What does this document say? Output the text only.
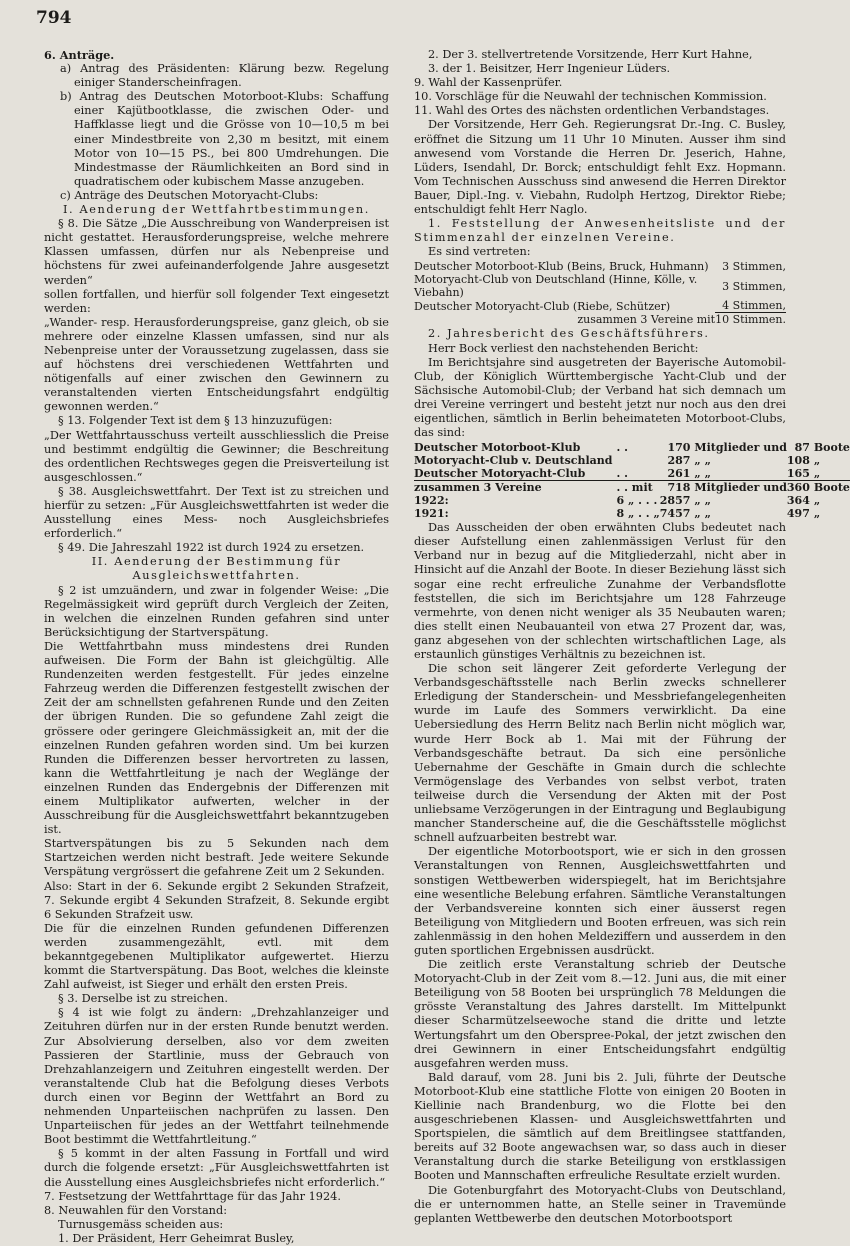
794

6. Anträge.

a) Antrag des Präsidenten: Klärung bezw. Regelung einiger Standerscheinfragen.

b) Antrag des Deutschen Motorboot-Klubs: Schaffung einer Kajütbootklasse, die zwischen Oder- und Haffklasse liegt und die Grösse von 10—10,5 m bei einer Mindestbreite von 2,30 m besitzt, mit einem Motor von 10—15 PS., bei 800 Umdrehungen. Die Mindestmasse der Räumlichkeiten an Bord sind in quadratischem oder kubischem Masse anzugeben.

c) Anträge des Deutschen Motoryacht-Clubs:

I. Aenderung der Wettfahrtbestimmungen.

§ 8. Die Sätze „Die Ausschreibung von Wanderpreisen ist nicht gestattet. Herausforderungspreise, welche mehrere Klassen umfassen, dürfen nur als Nebenpreise und höchstens für zwei aufeinanderfolgende Jahre ausgesetzt werden“

sollen fortfallen, und hierfür soll folgender Text eingesetzt werden:

„Wander- resp. Herausforderungspreise, ganz gleich, ob sie mehrere oder einzelne Klassen umfassen, sind nur als Nebenpreise unter der Voraussetzung zugelassen, dass sie auf höchstens drei verschiedenen Wettfahrten und nötigenfalls auf einer zwischen den Gewinnern zu veranstaltenden vierten Entscheidungsfahrt endgültig gewonnen werden.“

§ 13. Folgender Text ist dem § 13 hinzuzufügen:

„Der Wettfahrtausschuss verteilt ausschliesslich die Preise und bestimmt endgültig die Gewinner; die Beschreitung des ordentlichen Rechtsweges gegen die Preisverteilung ist ausgeschlossen.“

§ 38. Ausgleichswettfahrt. Der Text ist zu streichen und hierfür zu setzen: „Für Ausgleichswettfahrten ist weder die Ausstellung eines Mess- noch Ausgleichsbriefes erforderlich.“

§ 49. Die Jahreszahl 1922 ist durch 1924 zu ersetzen.

II. Aenderung der Bestimmung für Ausgleichswettfahrten.

§ 2 ist umzuändern, und zwar in folgender Weise: „Die Regelmässigkeit wird geprüft durch Vergleich der Zeiten, in welchen die einzelnen Runden gefahren sind unter Berücksichtigung der Startverspätung.

Die Wettfahrtbahn muss mindestens drei Runden aufweisen. Die Form der Bahn ist gleichgültig. Alle Rundenzeiten werden festgestellt. Für jedes einzelne Fahrzeug werden die Differenzen festgestellt zwischen der Zeit der am schnellsten gefahrenen Runde und den Zeiten der übrigen Runden. Die so gefundene Zahl zeigt die grössere oder geringere Gleichmässigkeit an, mit der die einzelnen Runden gefahren worden sind. Um bei kurzen Runden die Differenzen besser hervortreten zu lassen, kann die Wettfahrtleitung je nach der Weglänge der einzelnen Runden das Endergebnis der Differenzen mit einem Multiplikator aufwerten, welcher in der Ausschreibung für die Ausgleichswettfahrt bekanntzugeben ist.

Startverspätungen bis zu 5 Sekunden nach dem Startzeichen werden nicht bestraft. Jede weitere Sekunde Verspätung vergrössert die gefahrene Zeit um 2 Sekunden.

Also: Start in der 6. Sekunde ergibt 2 Sekunden Strafzeit, 7. Sekunde ergibt 4 Sekunden Strafzeit, 8. Sekunde ergibt 6 Sekunden Strafzeit usw.

Die für die einzelnen Runden gefundenen Differenzen werden zusammengezählt, evtl. mit dem bekanntgegebenen Multiplikator aufgewertet. Hierzu kommt die Startverspätung. Das Boot, welches die kleinste Zahl aufweist, ist Sieger und erhält den ersten Preis.

§ 3. Derselbe ist zu streichen.

§ 4 ist wie folgt zu ändern: „Drehzahlanzeiger und Zeituhren dürfen nur in der ersten Runde benutzt werden. Zur Absolvierung derselben, also vor dem zweiten Passieren der Startlinie, muss der Gebrauch von Drehzahlanzeigern und Zeituhren eingestellt werden. Der veranstaltende Club hat die Befolgung dieses Verbots durch einen vor Beginn der Wettfahrt an Bord zu nehmenden Unparteiischen nachprüfen zu lassen. Den Unparteiischen für jedes an der Wettfahrt teilnehmende Boot bestimmt die Wettfahrtleitung.“

§ 5 kommt in der alten Fassung in Fortfall und wird durch die folgende ersetzt: „Für Ausgleichswettfahrten ist die Ausstellung eines Ausgleichsbriefes nicht erforderlich.“

7. Festsetzung der Wettfahrttage für das Jahr 1924.

8. Neuwahlen für den Vorstand:

Turnusgemäss scheiden aus:

1. Der Präsident, Herr Geheimrat Busley,

2. Der 3. stellvertretende Vorsitzende, Herr Kurt Hahne,

3. der 1. Beisitzer, Herr Ingenieur Lüders.

9. Wahl der Kassenprüfer.

10. Vorschläge für die Neuwahl der technischen Kommission.

11. Wahl des Ortes des nächsten ordentlichen Verbandstages.

Der Vorsitzende, Herr Geh. Regierungsrat Dr.-Ing. C. Busley, eröffnet die Sitzung um 11 Uhr 10 Minuten. Ausser ihm sind anwesend vom Vorstande die Herren Dr. Jeserich, Hahne, Lüders, Isendahl, Dr. Borck; entschuldigt fehlt Exz. Hopmann. Vom Technischen Ausschuss sind anwesend die Herren Direktor Bauer, Dipl.-Ing. v. Viebahn, Rudolph Hertzog, Direktor Riebe; entschuldigt fehlt Herr Naglo.

1. Feststellung der Anwesenheitsliste und der Stimmenzahl der einzelnen Vereine.

Es sind vertreten:

Deutscher Motorboot-Klub (Beins, Bruck, Huhmann)	3 Stimmen,
Motoryacht-Club von Deutschland (Hinne, Kölle, v. Viebahn)	3 Stimmen,
Deutscher Motoryacht-Club (Riebe, Schützer)	4 Stimmen,
zusammen 3 Vereine mit	10 Stimmen.

2. Jahresbericht des Geschäftsführers.

Herr Bock verliest den nachstehenden Bericht:

Im Berichtsjahre sind ausgetreten der Bayerische Automobil-Club, der Königlich Württembergische Yacht-Club und der Sächsische Automobil-Club; der Verband hat sich demnach um drei Vereine verringert und besteht jetzt nur noch aus den drei eigentlichen, sämtlich in Berlin beheimateten Motorboot-Clubs, das sind:

Deutscher Motorboot-Klub	. .	170	Mitglieder und	87	Boote
Motoryacht-Club v. Deutschland		287	„ „	108	„
Deutscher Motoryacht-Club	. .	261	„ „	165	„
zusammen 3 Vereine	. . mit	718	Mitglieder und	360	Boote
1922:	6 „ . . .	2857	„ „	364	„
1921:	8 „ . . „	7457	„ „	497	„

Das Ausscheiden der oben erwähnten Clubs bedeutet nach dieser Aufstellung einen zahlenmässigen Verlust für den Verband nur in bezug auf die Mitgliederzahl, nicht aber in Hinsicht auf die Anzahl der Boote. In dieser Beziehung lässt sich sogar eine recht erfreuliche Zunahme der Verbandsflotte feststellen, die sich im Berichtsjahre um 128 Fahrzeuge vermehrte, von denen nicht weniger als 35 Neubauten waren; dies stellt einen Neubauanteil von etwa 27 Prozent dar, was, ganz abgesehen von der schlechten wirtschaftlichen Lage, als erstaunlich günstiges Verhältnis zu bezeichnen ist.

Die schon seit längerer Zeit geforderte Verlegung der Verbandsgeschäftsstelle nach Berlin zwecks schnellerer Erledigung der Standerschein- und Messbriefangelegenheiten wurde im Laufe des Sommers verwirklicht. Da eine Uebersiedlung des Herrn Belitz nach Berlin nicht möglich war, wurde Herr Bock ab 1. Mai mit der Führung der Verbandsgeschäfte betraut. Da sich eine persönliche Uebernahme der Geschäfte in Gmain durch die schlechte Vermögenslage des Verbandes von selbst verbot, traten teilweise durch die Versendung der Akten mit der Post unliebsame Verzögerungen in der Eintragung und Beglaubigung mancher Standerscheine auf, die die Geschäftsstelle möglichst schnell aufzuarbeiten bestrebt war.

Der eigentliche Motorbootsport, wie er sich in den grossen Veranstaltungen von Rennen, Ausgleichswettfahrten und sonstigen Wettbewerben widerspiegelt, hat im Berichtsjahre eine wesentliche Belebung erfahren. Sämtliche Veranstaltungen der Verbandsvereine konnten sich einer äusserst regen Beteiligung von Mitgliedern und Booten erfreuen, was sich rein zahlenmässig in den hohen Meldeziffern und ausserdem in den guten sportlichen Ergebnissen ausdrückt.

Die zeitlich erste Veranstaltung schrieb der Deutsche Motoryacht-Club in der Zeit vom 8.—12. Juni aus, die mit einer Beteiligung von 58 Booten bei ursprünglich 78 Meldungen die grösste Veranstaltung des Jahres darstellt. Im Mittelpunkt dieser Scharmützelseewoche stand die dritte und letzte Wertungsfahrt um den Oberspree-Pokal, der jetzt zwischen den drei Gewinnern in einer Entscheidungsfahrt endgültig ausgefahren werden muss.

Bald darauf, vom 28. Juni bis 2. Juli, führte der Deutsche Motorboot-Klub eine stattliche Flotte von einigen 20 Booten in Kiellinie nach Brandenburg, wo die Flotte bei den ausgeschriebenen Klassen- und Ausgleichswettfahrten und Sportspielen, die sämtlich auf dem Breitlingsee stattfanden, bereits auf 32 Boote angewachsen war, so dass auch in dieser Veranstaltung durch die starke Beteiligung von erstklassigen Booten und Mannschaften erfreuliche Resultate erzielt wurden.

Die Gotenburgfahrt des Motoryacht-Clubs von Deutschland, die er unternommen hatte, an Stelle seiner in Travemünde geplanten Wettbewerbe den deutschen Motorbootsport
